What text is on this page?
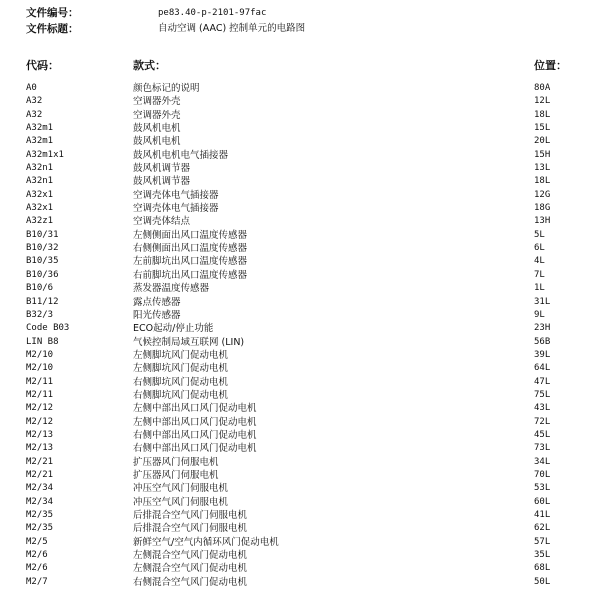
文件编号：	pe83.40-p-2101-97fac
文件标题：	自动空调 (AAC) 控制单元的电路图
代码：	款式：	位置：
A0	颜色标记的说明	80A
A32	空调器外壳	12L
A32	空调器外壳	18L
A32m1	鼓风机电机	15L
A32m1	鼓风机电机	20L
A32m1x1	鼓风机电机电气插接器	15H
A32n1	鼓风机调节器	13L
A32n1	鼓风机调节器	18L
A32x1	空调壳体电气插接器	12G
A32x1	空调壳体电气插接器	18G
A32z1	空调壳体结点	13H
B10/31	左侧侧面出风口温度传感器	5L
B10/32	右侧侧面出风口温度传感器	6L
B10/35	左前脚坑出风口温度传感器	4L
B10/36	右前脚坑出风口温度传感器	7L
B10/6	蒸发器温度传感器	1L
B11/12	露点传感器	31L
B32/3	阳光传感器	9L
Code B03	ECO起动/停止功能	23H
LIN B8	气候控制局域互联网 (LIN)	56B
M2/10	左侧脚坑风门促动电机	39L
M2/10	左侧脚坑风门促动电机	64L
M2/11	右侧脚坑风门促动电机	47L
M2/11	右侧脚坑风门促动电机	75L
M2/12	左侧中部出风口风门促动电机	43L
M2/12	左侧中部出风口风门促动电机	72L
M2/13	右侧中部出风口风门促动电机	45L
M2/13	右侧中部出风口风门促动电机	73L
M2/21	扩压器风门伺服电机	34L
M2/21	扩压器风门伺服电机	70L
M2/34	冲压空气风门伺服电机	53L
M2/34	冲压空气风门伺服电机	60L
M2/35	后排混合空气风门伺服电机	41L
M2/35	后排混合空气风门伺服电机	62L
M2/5	新鲜空气/空气内循环风门促动电机	57L
M2/6	左侧混合空气风门促动电机	35L
M2/6	左侧混合空气风门促动电机	68L
M2/7	右侧混合空气风门促动电机	50L
